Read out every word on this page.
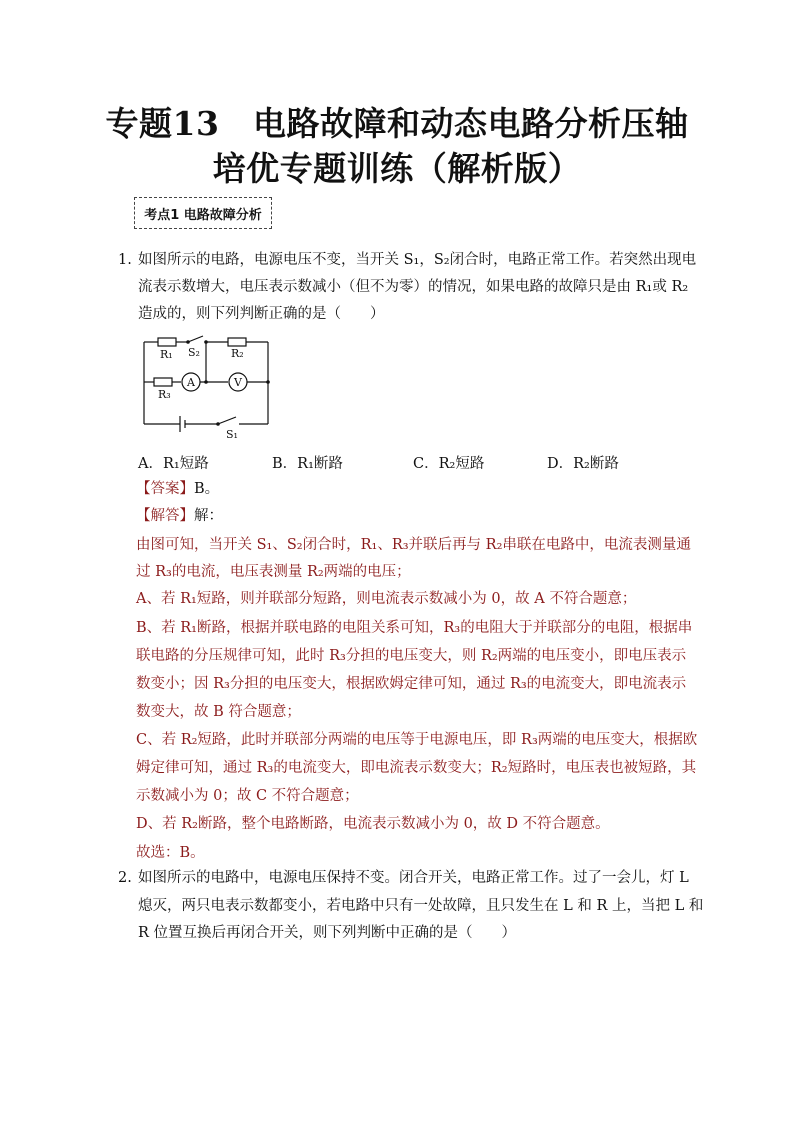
专题13　电路故障和动态电路分析压轴
培优专题训练（解析版）
考点1 电路故障分析
1. 如图所示的电路，电源电压不变，当开关 S₁，S₂闭合时，电路正常工作。若突然出现电
流表示数增大，电压表示数减小（但不为零）的情况，如果电路的故障只是由 R₁或 R₂
造成的，则下列判断正确的是（　　）
R₁ S₂	R₂
R₃
A	V
S₁
A．R₁短路	B．R₁断路	C．R₂短路	D．R₂断路
【答案】B。
【解答】解：
由图可知，当开关 S₁、S₂闭合时，R₁、R₃并联后再与 R₂串联在电路中，电流表测量通
过 R₃的电流，电压表测量 R₂两端的电压；
A、若 R₁短路，则并联部分短路，则电流表示数减小为 0，故 A 不符合题意；
B、若 R₁断路，根据并联电路的电阻关系可知，R₃的电阻大于并联部分的电阻，根据串
联电路的分压规律可知，此时 R₃分担的电压变大，则 R₂两端的电压变小，即电压表示
数变小；因 R₃分担的电压变大，根据欧姆定律可知，通过 R₃的电流变大，即电流表示
数变大，故 B 符合题意；
C、若 R₂短路，此时并联部分两端的电压等于电源电压，即 R₃两端的电压变大，根据欧
姆定律可知，通过 R₃的电流变大，即电流表示数变大；R₂短路时，电压表也被短路，其
示数减小为 0；故 C 不符合题意；
D、若 R₂断路，整个电路断路，电流表示数减小为 0，故 D 不符合题意。
故选：B。
2. 如图所示的电路中，电源电压保持不变。闭合开关，电路正常工作。过了一会儿，灯 L
熄灭，两只电表示数都变小，若电路中只有一处故障，且只发生在 L 和 R 上，当把 L 和
R 位置互换后再闭合开关，则下列判断中正确的是（　　）
